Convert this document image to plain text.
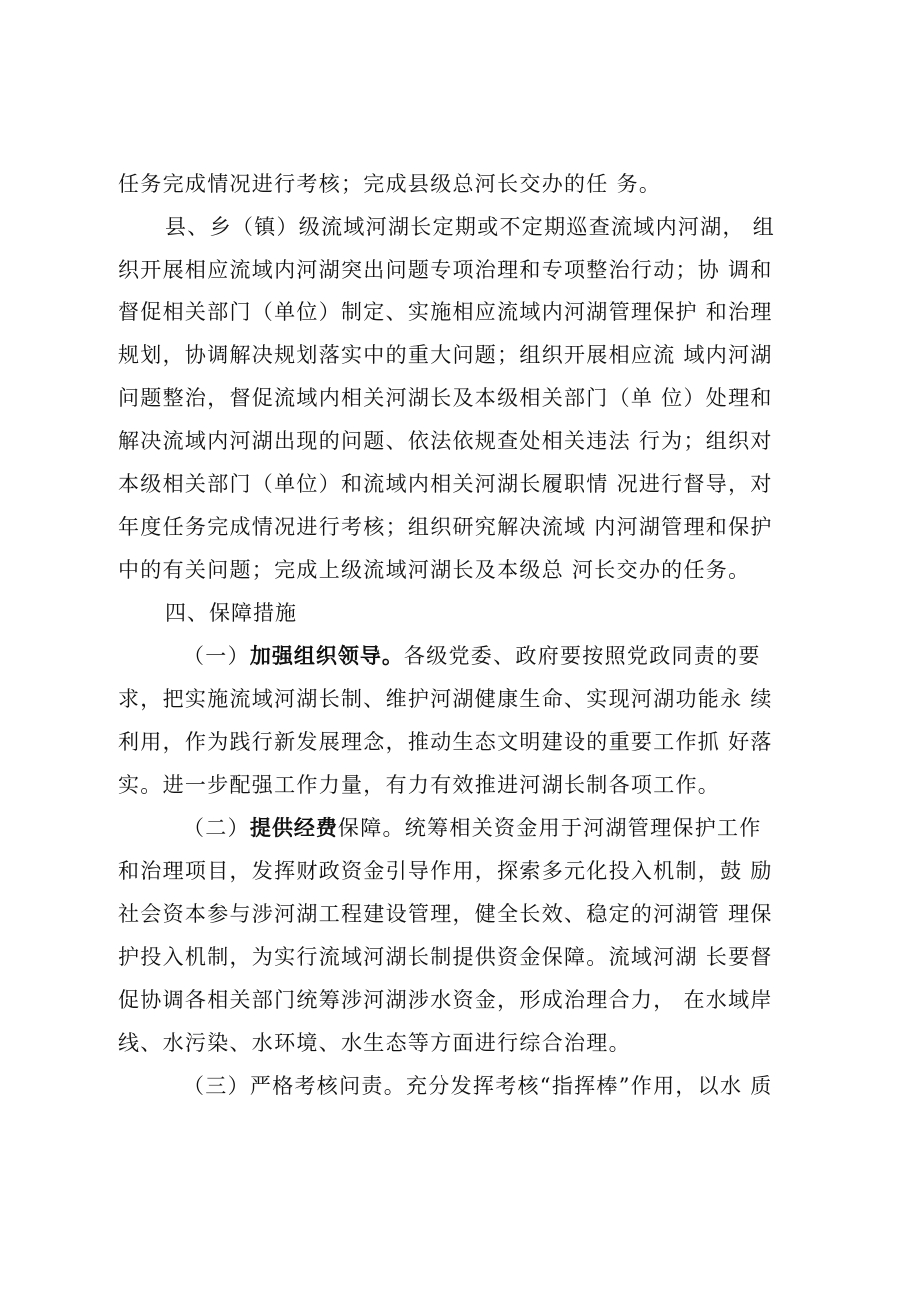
任务完成情况进行考核；完成县级总河长交办的任 务。

县、乡（镇）级流域河湖长定期或不定期巡查流域内河湖， 组

织开展相应流域内河湖突出问题专项治理和专项整治行动；协 调和

督促相关部门（单位）制定、实施相应流域内河湖管理保护 和治理

规划，协调解决规划落实中的重大问题；组织开展相应流 域内河湖

问题整治，督促流域内相关河湖长及本级相关部门（单 位）处理和

解决流域内河湖出现的问题、依法依规查处相关违法 行为；组织对

本级相关部门（单位）和流域内相关河湖长履职情 况进行督导，对

年度任务完成情况进行考核；组织研究解决流域 内河湖管理和保护

中的有关问题；完成上级流域河湖长及本级总 河长交办的任务。

四、保障措施

（一）加强组织领导。各级党委、政府要按照党政同责的要

求，把实施流域河湖长制、维护河湖健康生命、实现河湖功能永 续

利用，作为践行新发展理念，推动生态文明建设的重要工作抓 好落

实。进一步配强工作力量，有力有效推进河湖长制各项工作。

（二）提供经费保障。统筹相关资金用于河湖管理保护工作

和治理项目，发挥财政资金引导作用，探索多元化投入机制，鼓 励

社会资本参与涉河湖工程建设管理，健全长效、稳定的河湖管 理保

护投入机制，为实行流域河湖长制提供资金保障。流域河湖 长要督

促协调各相关部门统筹涉河湖涉水资金，形成治理合力， 在水域岸

线、水污染、水环境、水生态等方面进行综合治理。

（三）严格考核问责。充分发挥考核“指挥棒”作用，以水 质
